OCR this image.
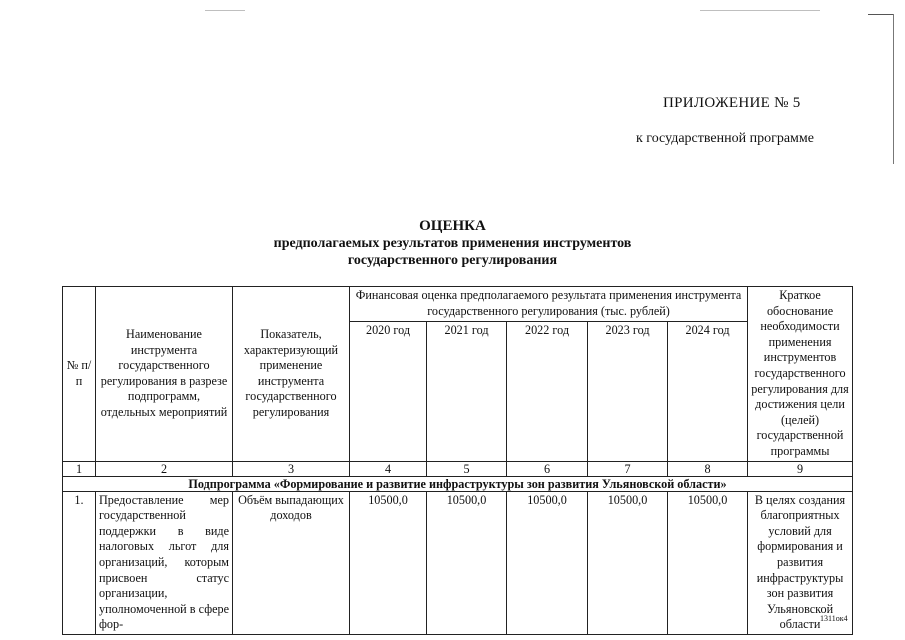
ПРИЛОЖЕНИЕ № 5
к государственной программе
ОЦЕНКА
предполагаемых результатов применения инструментов
государственного регулирования
№ п/п	Наименование инструмента государственного регулирования в разрезе подпрограмм, отдельных мероприятий	Показатель, характеризующий применение инструмента государственного регулирования	Финансовая оценка предполагаемого результата применения инструмента государственного регулирования (тыс. рублей)					Краткое обоснование необходимости применения инструментов государственного регулирования для достижения цели (целей) государственной программы
			2020 год	2021 год	2022 год	2023 год	2024 год	
1	2	3	4	5	6	7	8	9
Подпрограмма «Формирование и развитие инфраструктуры зон развития Ульяновской области»								
1.	Предоставление мер государственной поддержки в виде налоговых льгот для организаций, которым присвоен статус организации, уполномоченной в сфере фор-	Объём выпадающих доходов	10500,0	10500,0	10500,0	10500,0	10500,0	В целях создания благоприятных условий для формирования и развития инфраструктуры зон развития Ульяновской области 1311ок4
